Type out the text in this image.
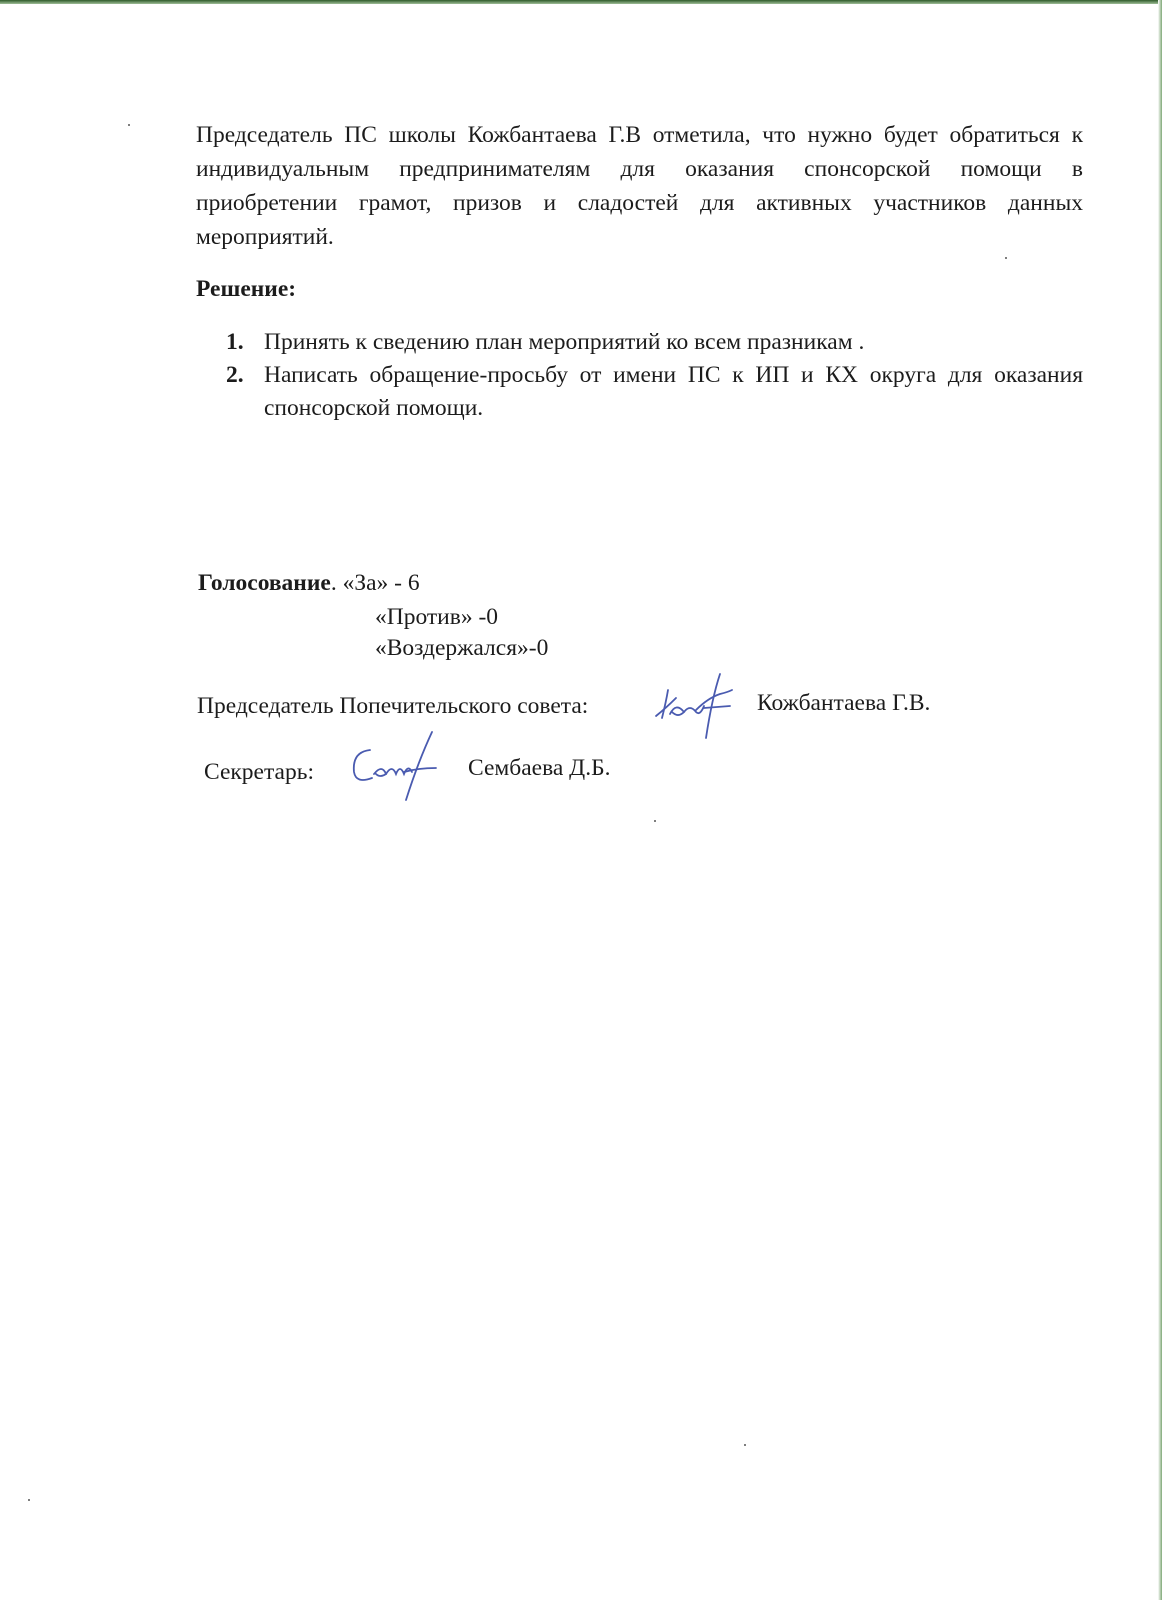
Председатель ПС школы Кожбантаева Г.В отметила, что нужно будет обратиться к индивидуальным предпринимателям для оказания спонсорской помощи в приобретении грамот, призов и сладостей для активных участников данных мероприятий.

Решение:

1. Принять к сведению план мероприятий ко всем празникам .
2. Написать обращение-просьбу от имени ПС к ИП и КХ округа для оказания спонсорской помощи.

Голосование. «За» - 6

«Против» -0

«Воздержался»-0

Председатель Попечительского совета:	Кожбантаева Г.В.

Секретарь:	Сембаева Д.Б.
